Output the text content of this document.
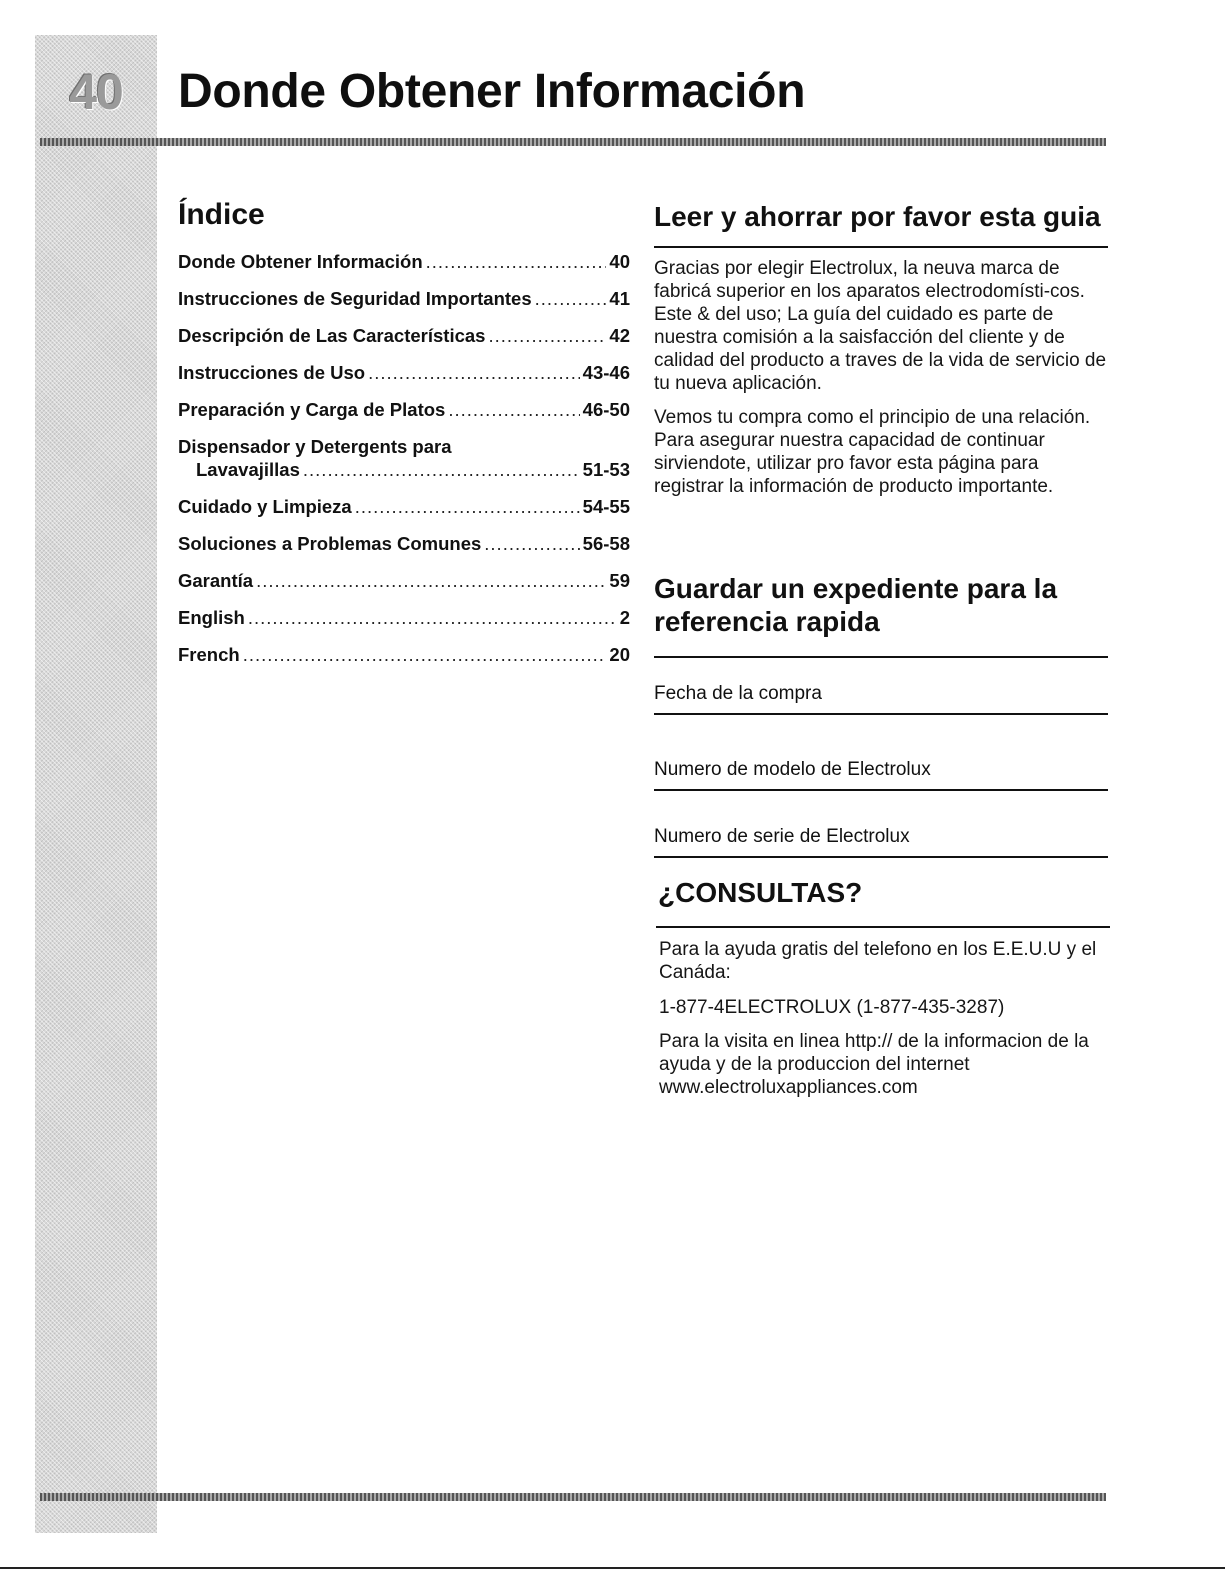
40	Donde Obtener Información
Índice
Donde Obtener Información .....	40
Instrucciones de Seguridad Importantes .....	41
Descripción de Las Características .....	42
Instrucciones de Uso .....	43-46
Preparación y Carga de Platos .....	46-50
Dispensador y Detergents para
Lavavajillas .....	51-53
Cuidado y Limpieza .....	54-55
Soluciones a Problemas Comunes .....	56-58
Garantía .....	59
English .....	2
French .....	20
Leer y ahorrar por favor esta guia

Gracias por elegir Electrolux, la neuva marca de fabricá superior en los aparatos electrodomísti-cos. Este & del uso; La guía del cuidado es parte de nuestra comisión a la saisfacción del cliente y de calidad del producto a traves de la vida de servicio de tu nueva aplicación.

Vemos tu compra como el principio de una relación. Para asegurar nuestra capacidad de continuar sirviendote, utilizar pro favor esta página para registrar la información de producto importante.

Guardar un expediente para la
referencia rapida

Fecha de la compra

Numero de modelo de Electrolux

Numero de serie de Electrolux

¿CONSULTAS?

Para la ayuda gratis del telefono en los E.E.U.U y el Canáda:

1-877-4ELECTROLUX (1-877-435-3287)

Para la visita en linea http:// de la informacion de la ayuda y de la produccion del internet

www.electroluxappliances.com
